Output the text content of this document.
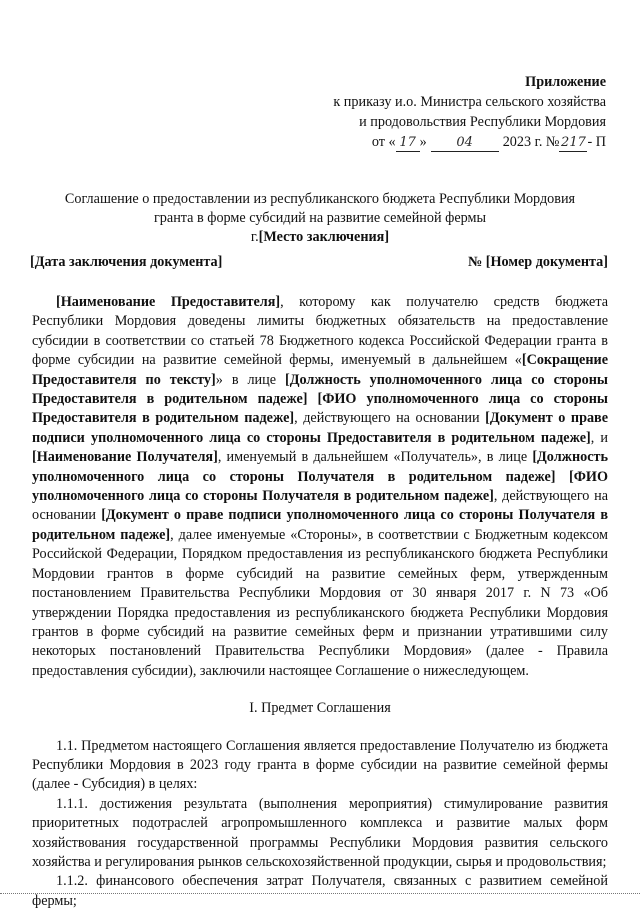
Приложение
к приказу и.о. Министра сельского хозяйства
и продовольствия Республики Мордовия
от « 17 » 04 2023 г. № 217 - П
Соглашение о предоставлении из республиканского бюджета Республики Мордовия
гранта в форме субсидий на развитие семейной фермы
г.[Место заключения]
[Дата заключения документа]	№ [Номер документа]

[Наименование Предоставителя], которому как получателю средств бюджета Республики Мордовия доведены лимиты бюджетных обязательств на предоставление субсидии в соответствии со статьей 78 Бюджетного кодекса Российской Федерации гранта в форме субсидии на развитие семейной фермы, именуемый в дальнейшем «[Сокращение Предоставителя по тексту]» в лице [Должность уполномоченного лица со стороны Предоставителя в родительном падеже] [ФИО уполномоченного лица со стороны Предоставителя в родительном падеже], действующего на основании [Документ о праве подписи уполномоченного лица со стороны Предоставителя в родительном падеже], и [Наименование Получателя], именуемый в дальнейшем «Получатель», в лице [Должность уполномоченного лица со стороны Получателя в родительном падеже] [ФИО уполномоченного лица со стороны Получателя в родительном падеже], действующего на основании [Документ о праве подписи уполномоченного лица со стороны Получателя в родительном падеже], далее именуемые «Стороны», в соответствии с Бюджетным кодексом Российской Федерации, Порядком предоставления из республиканского бюджета Республики Мордовии грантов в форме субсидий на развитие семейных ферм, утвержденным постановлением Правительства Республики Мордовия от 30 января 2017 г. N 73 «Об утверждении Порядка предоставления из республиканского бюджета Республики Мордовия грантов в форме субсидий на развитие семейных ферм и признании утратившими силу некоторых постановлений Правительства Республики Мордовия» (далее - Правила предоставления субсидии), заключили настоящее Соглашение о нижеследующем.

I. Предмет Соглашения

1.1. Предметом настоящего Соглашения является предоставление Получателю из бюджета Республики Мордовия в 2023 году гранта в форме субсидии на развитие семейной фермы (далее - Субсидия) в целях:

1.1.1. достижения результата (выполнения мероприятия) стимулирование развития приоритетных подотраслей агропромышленного комплекса и развитие малых форм хозяйствования государственной программы Республики Мордовия развития сельского хозяйства и регулирования рынков сельскохозяйственной продукции, сырья и продовольствия;

1.1.2. финансового обеспечения затрат Получателя, связанных с развитием семейной фермы;
